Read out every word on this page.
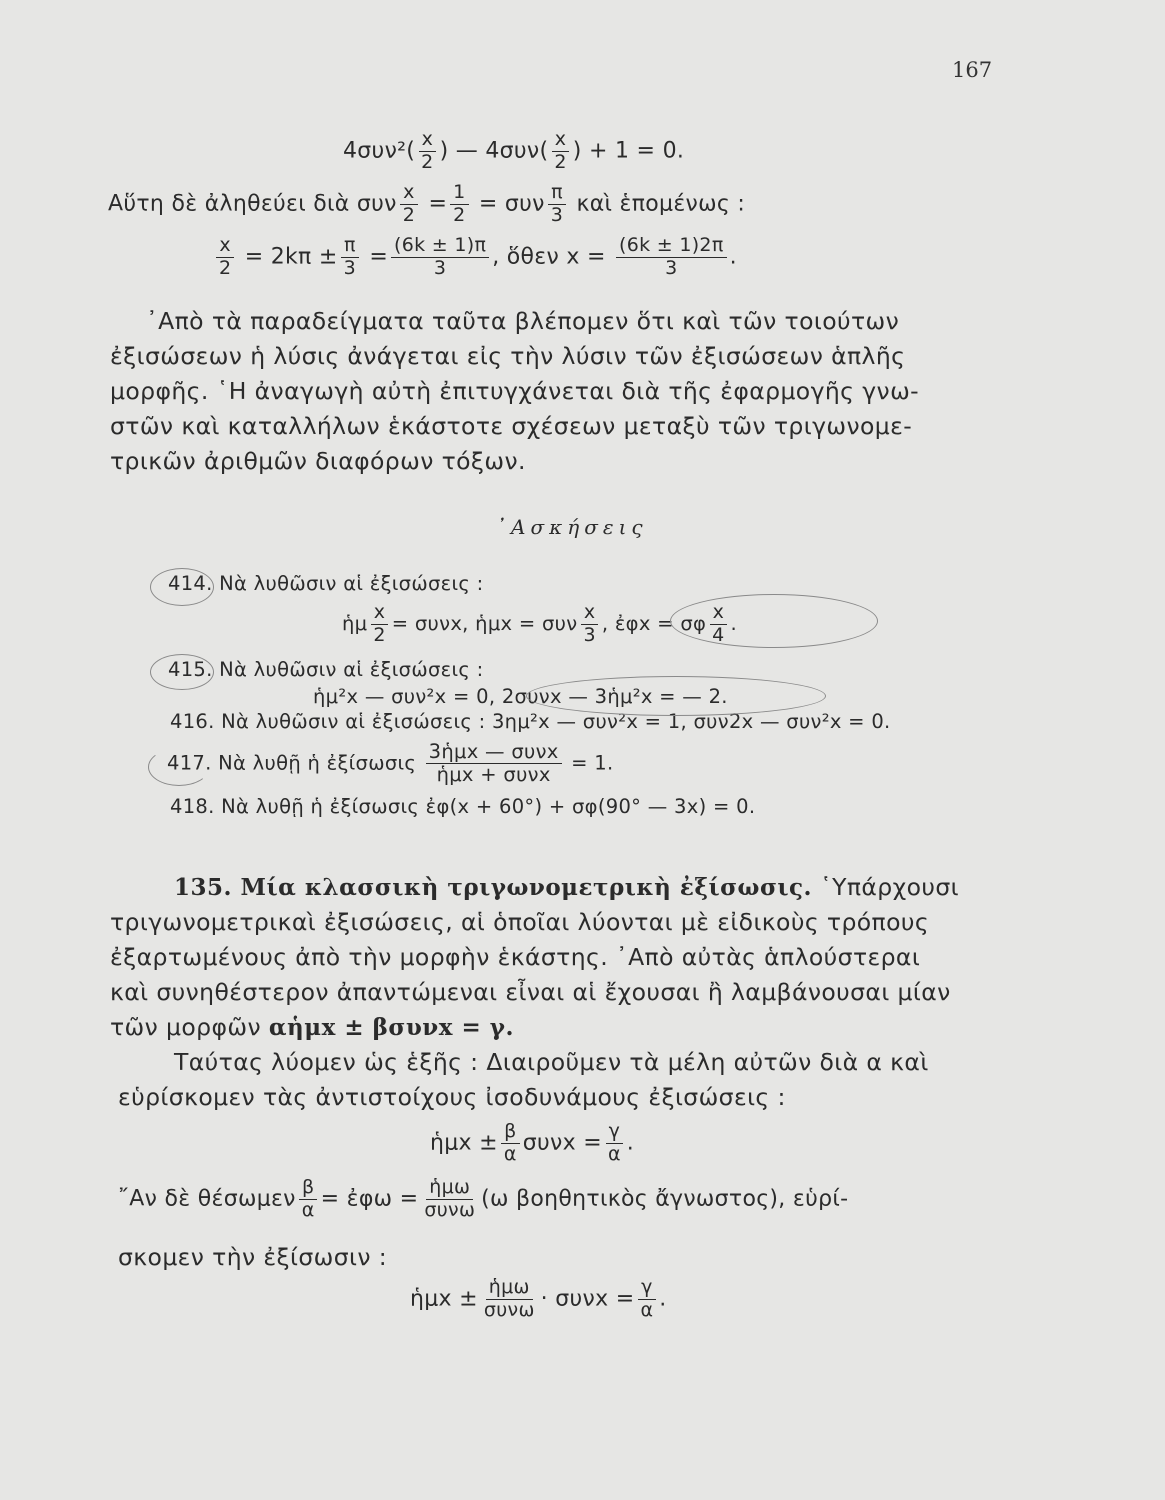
167
$4\sigma\upsilon\nu^2( \frac{x}{2}$ ) — $4\sigma\upsilon\nu( \frac{x}{2}$ ) + 1 = 0.
Αὕτη δὲ ἀληθεύει διὰ συν $\frac{x}{2} = \frac{1}{2} = \sigma\upsilon\nu \frac{\pi}{3}$ καὶ ἑπομένως :
$\frac{x}{2} = 2k\pi \pm \frac{\pi}{3} = \frac{(6k \pm 1)\pi}{3}$ , ὅθεν $x = \frac{(6k \pm 1)2\pi}{3}$ .
᾿Απὸ τὰ παραδείγματα ταῦτα βλέπομεν ὅτι καὶ τῶν τοιούτων
ἐξισώσεων ἡ λύσις ἀνάγεται εἰς τὴν λύσιν τῶν ἐξισώσεων ἁπλῆς
μορφῆς. ῾Η ἀναγωγὴ αὐτὴ ἐπιτυγχάνεται διὰ τῆς ἐφαρμογῆς γνω-
στῶν καὶ καταλλήλων ἑκάστοτε σχέσεων μεταξὺ τῶν τριγωνομε-
τρικῶν ἀριθμῶν διαφόρων τόξων.
᾿Ασκήσεις
414. Νὰ λυθῶσιν αἱ ἐξισώσεις :
ἡμ $\frac{x}{2} = \sigma\upsilon\nu x$, ἡμx = συν $\frac{x}{3}$ , ἐφx = σφ $\frac{x}{4}$ .
415. Νὰ λυθῶσιν αἱ ἐξισώσεις :
ἡμ²x — συν²x = 0, 2συνx — 3ἡμ²x = — 2.
416. Νὰ λυθῶσιν αἱ ἐξισώσεις : 3ημ²x — συν²x = 1, συν2x — συν²x = 0.
417. Νὰ λυθῇ ἡ ἐξίσωσις $\frac{\text{3ἡμx — συνx}}{\text{ἡμx + συνx}} = 1$.
418. Νὰ λυθῇ ἡ ἐξίσωσις ἐφ(x + 60°) + σφ(90° — 3x) = 0.
135. Μία κλασσικὴ τριγωνομετρικὴ ἐξίσωσις. ῾Υπάρχουσι
τριγωνομετρικαὶ ἐξισώσεις, αἱ ὁποῖαι λύονται μὲ εἰδικοὺς τρόπους
ἐξαρτωμένους ἀπὸ τὴν μορφὴν ἑκάστης. ᾿Απὸ αὐτὰς ἁπλούστεραι
καὶ συνηθέστερον ἀπαντώμεναι εἶναι αἱ ἔχουσαι ἢ λαμβάνουσαι μίαν
τῶν μορφῶν αἡμx ± βσυνx = γ.
Ταύτας λύομεν ὡς ἑξῆς : Διαιροῦμεν τὰ μέλη αὐτῶν διὰ α καὶ
εὑρίσκομεν τὰς ἀντιστοίχους ἰσοδυνάμους ἐξισώσεις :
ἡμx ± $\frac{\beta}{\alpha}$ $\sigma\upsilon\nu x = \frac{\gamma}{\alpha}$ .
῎Αν δὲ θέσωμεν $\frac{\beta}{\alpha}$ = ἐφω = $\frac{\text{ἡμω}}{\text{συνω}} (\omega$ βοηθητικὸς ἄγνωστος), εὑρί-
σκομεν τὴν ἐξίσωσιν :
ἡμx ± $\frac{\text{ἡμω}}{\text{συνω}} \cdot \sigma\upsilon\nu x = \frac{\gamma}{\alpha}$ .
